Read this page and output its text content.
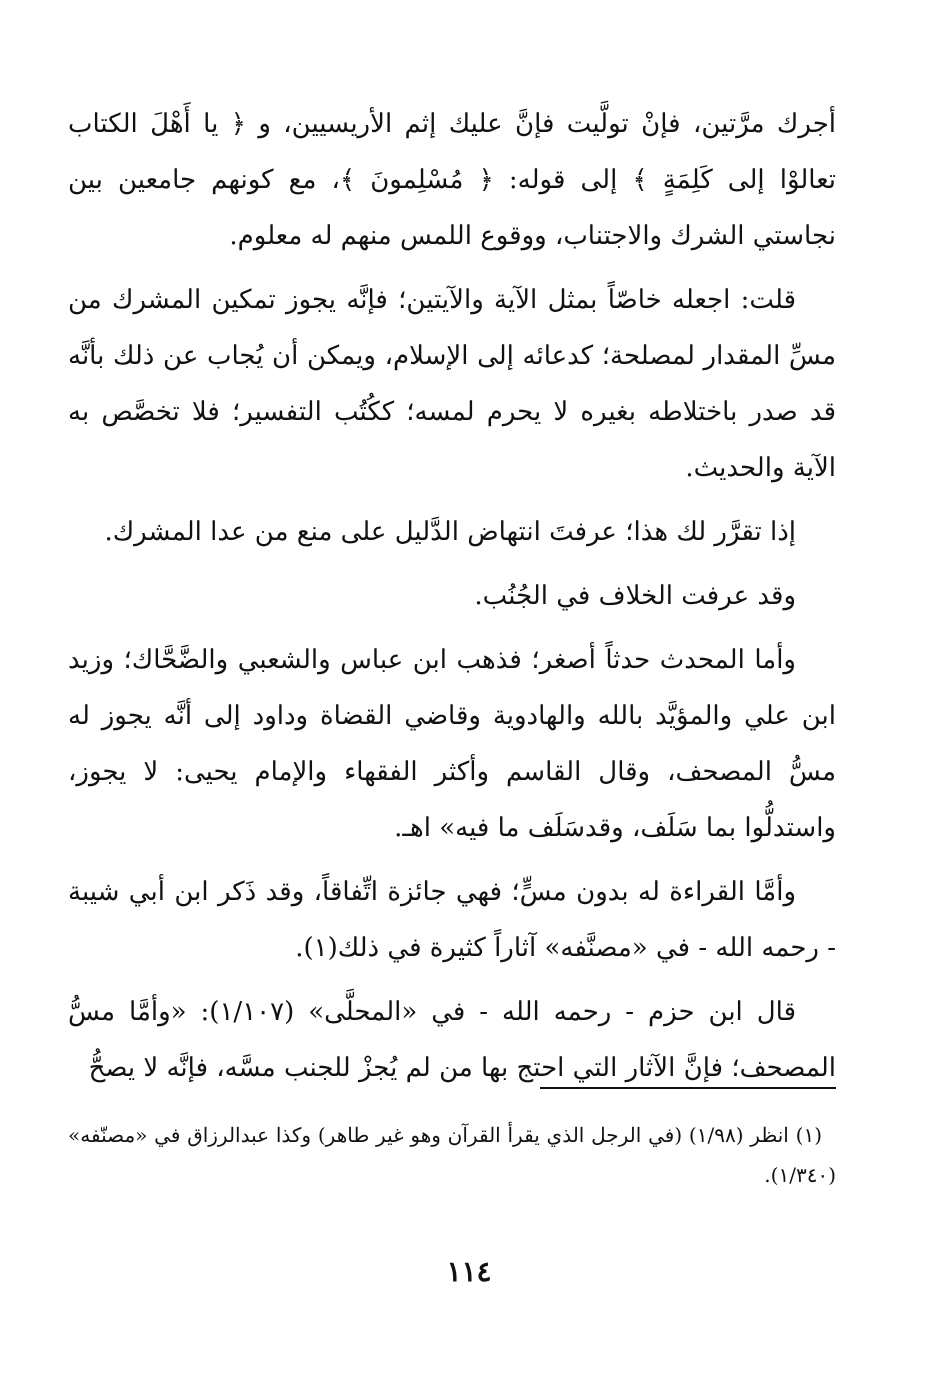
أجرك مرَّتين، فإنْ تولَّيت فإنَّ عليك إثم الأريسيين، و ﴿ يا أَهْلَ الكتاب تعالوْا إلى كَلِمَةٍ ﴾ إلى قوله: ﴿ مُسْلِمونَ ﴾، مع كونهم جامعين بين نجاستي الشرك والاجتناب، ووقوع اللمس منهم له معلوم.

قلت: اجعله خاصّاً بمثل الآية والآيتين؛ فإنَّه يجوز تمكين المشرك من مسِّ المقدار لمصلحة؛ كدعائه إلى الإسلام، ويمكن أن يُجاب عن ذلك بأنَّه قد صدر باختلاطه بغيره لا يحرم لمسه؛ ككُتُب التفسير؛ فلا تخصَّص به الآية والحديث.

إذا تقرَّر لك هذا؛ عرفتَ انتهاض الدَّليل على منع من عدا المشرك.

وقد عرفت الخلاف في الجُنُب.

وأما المحدث حدثاً أصغر؛ فذهب ابن عباس والشعبي والضَّحَّاك؛ وزيد ابن علي والمؤيَّد بالله والهادوية وقاضي القضاة وداود إلى أنَّه يجوز له مسُّ المصحف، وقال القاسم وأكثر الفقهاء والإمام يحيى: لا يجوز، واستدلُّوا بما سَلَف، وقدسَلَف ما فيه» اهـ.

وأمَّا القراءة له بدون مسٍّ؛ فهي جائزة اتِّفاقاً، وقد ذَكر ابن أبي شيبة - رحمه الله - في «مصنَّفه» آثاراً كثيرة في ذلك(١).

قال ابن حزم - رحمه الله - في «المحلَّى» (١/١٠٧): «وأمَّا مسُّ المصحف؛ فإنَّ الآثار التي احتج بها من لم يُجزْ للجنب مسَّه، فإنَّه لا يصحُّ

(١) انظر (١/٩٨) (في الرجل الذي يقرأ القرآن وهو غير طاهر) وكذا عبدالرزاق في «مصنّفه» (١/٣٤٠).

١١٤
